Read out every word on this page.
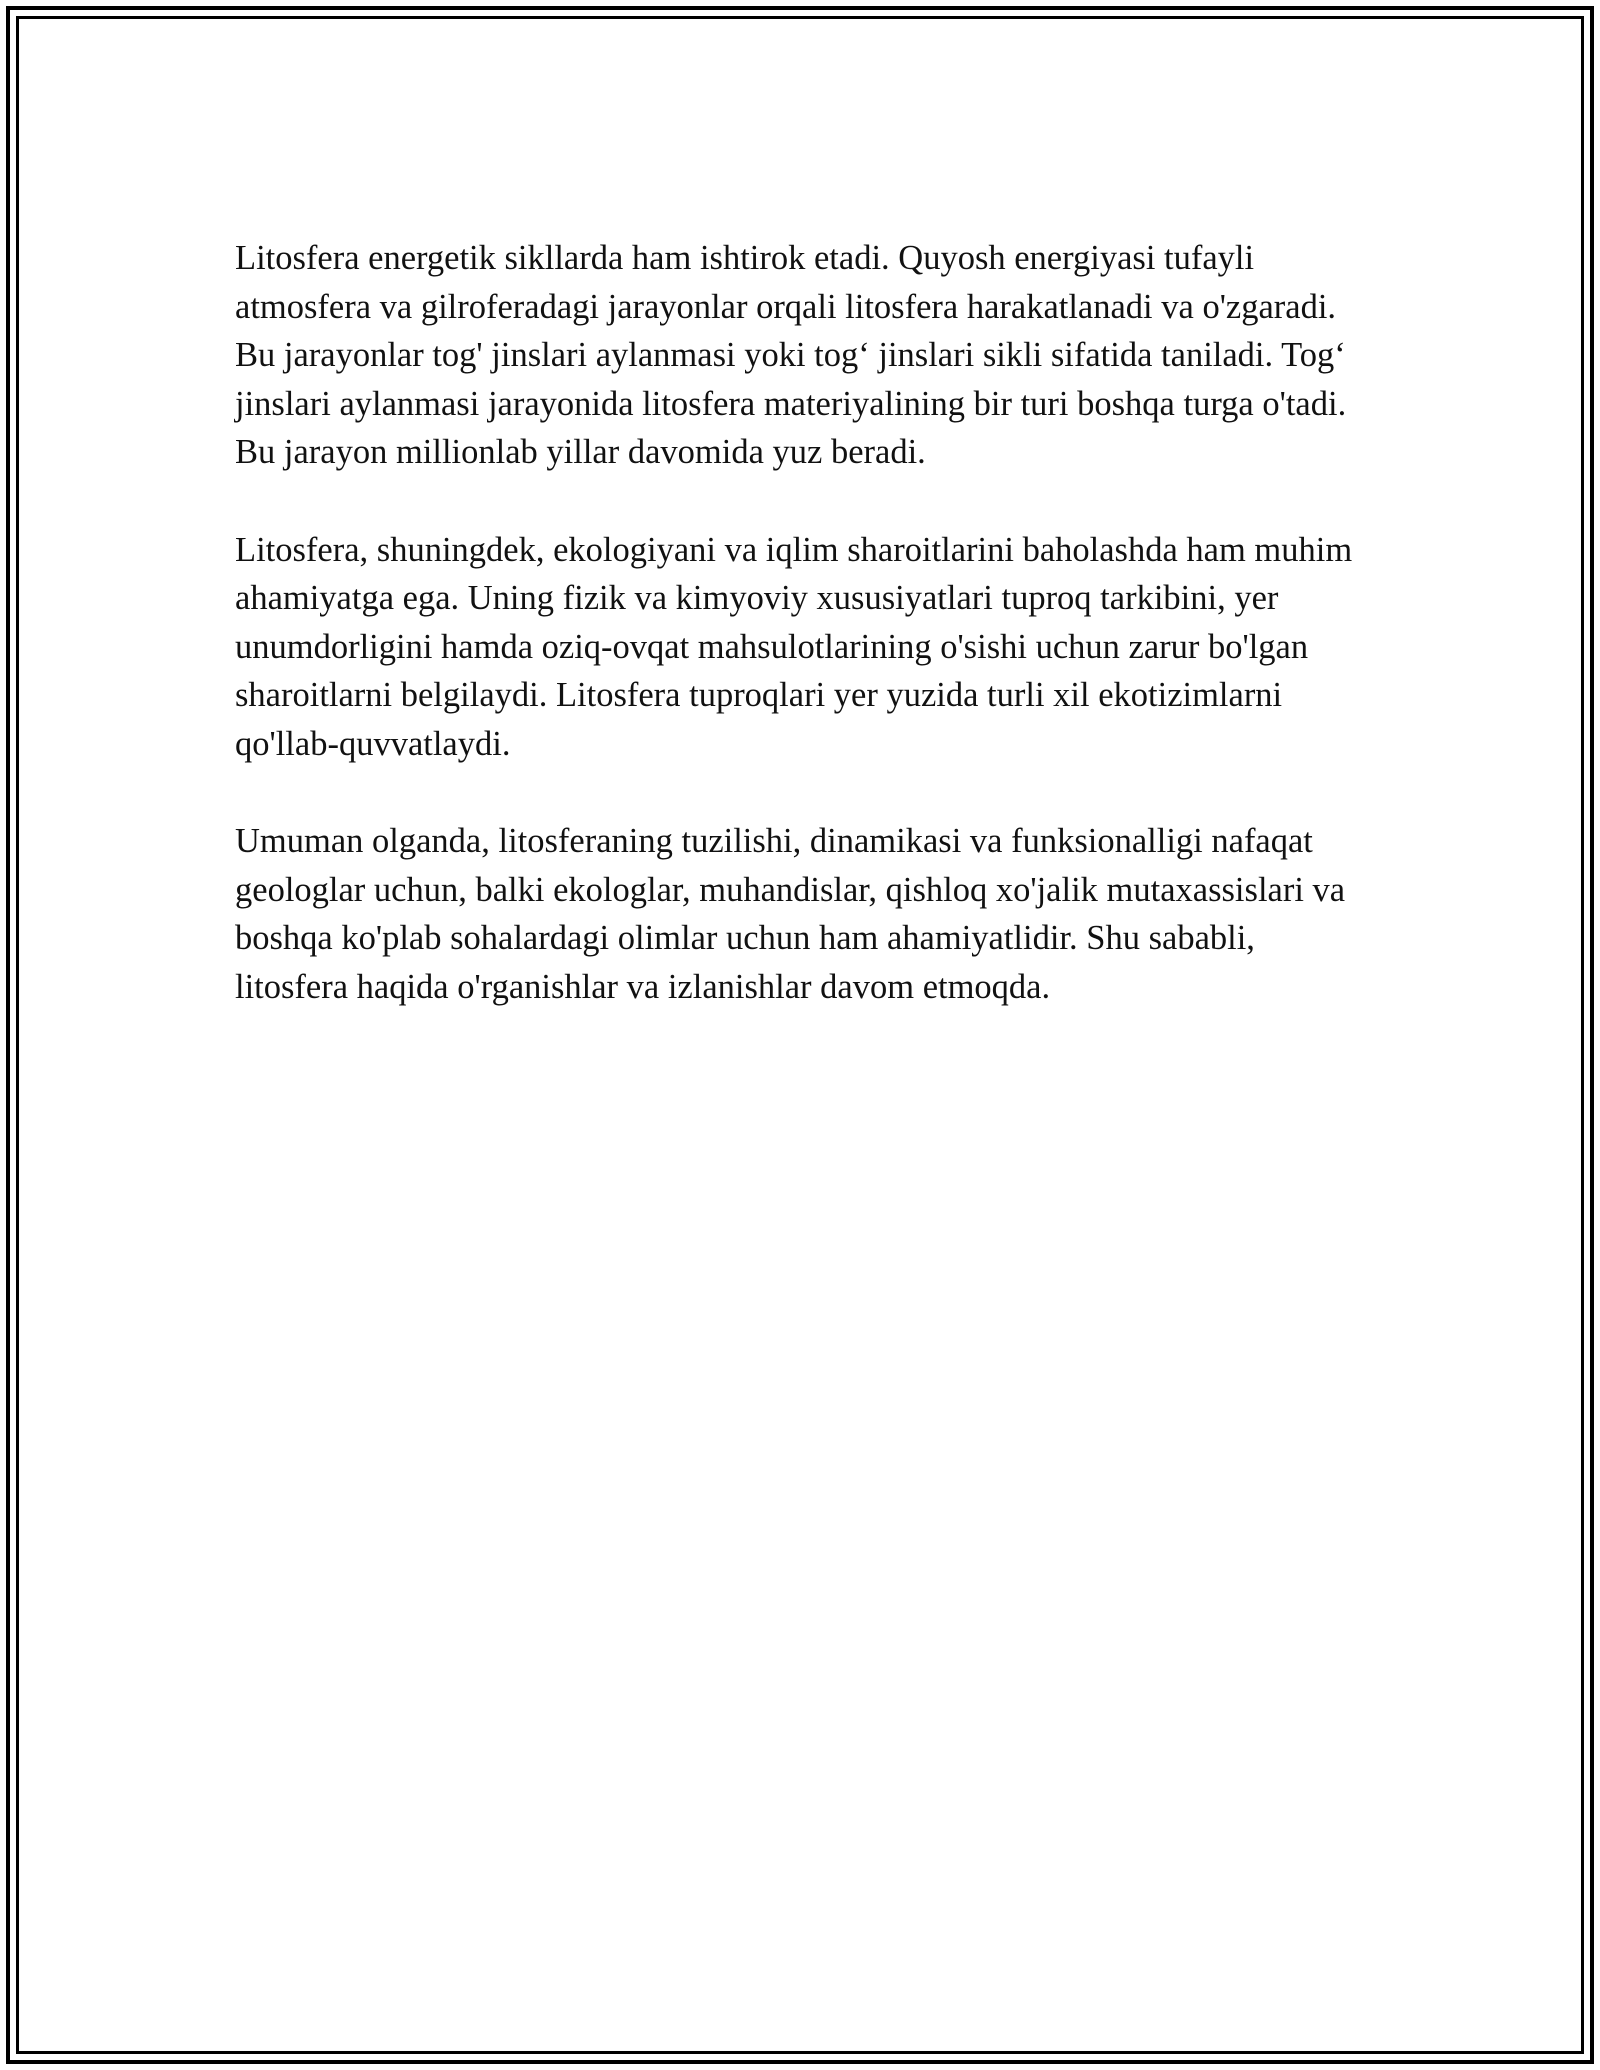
Litosfera energetik sikllarda ham ishtirok etadi. Quyosh energiyasi tufayli atmosfera va gilroferadagi jarayonlar orqali litosfera harakatlanadi va o'zgaradi. Bu jarayonlar tog' jinslari aylanmasi yoki tog‘ jinslari sikli sifatida taniladi. Tog‘ jinslari aylanmasi jarayonida litosfera materiyalining bir turi boshqa turga o'tadi. Bu jarayon millionlab yillar davomida yuz beradi.

Litosfera, shuningdek, ekologiyani va iqlim sharoitlarini baholashda ham muhim ahamiyatga ega. Uning fizik va kimyoviy xususiyatlari tuproq tarkibini, yer unumdorligini hamda oziq-ovqat mahsulotlarining o'sishi uchun zarur bo'lgan sharoitlarni belgilaydi. Litosfera tuproqlari yer yuzida turli xil ekotizimlarni qo'llab-quvvatlaydi.

Umuman olganda, litosferaning tuzilishi, dinamikasi va funksionalligi nafaqat geologlar uchun, balki ekologlar, muhandislar, qishloq xo'jalik mutaxassislari va boshqa ko'plab sohalardagi olimlar uchun ham ahamiyatlidir. Shu sababli, litosfera haqida o'rganishlar va izlanishlar davom etmoqda.
